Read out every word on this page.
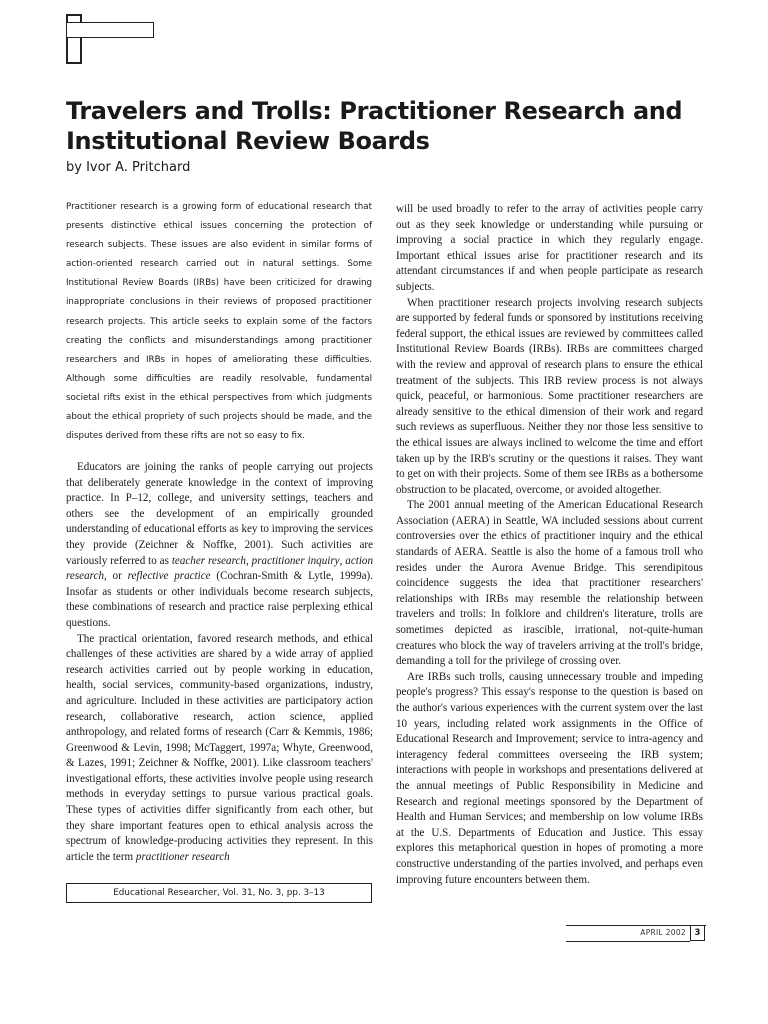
Travelers and Trolls: Practitioner Research and Institutional Review Boards

by Ivor A. Pritchard

Practitioner research is a growing form of educational research that presents distinctive ethical issues concerning the protection of research subjects. These issues are also evident in similar forms of action-oriented research carried out in natural settings. Some Institutional Review Boards (IRBs) have been criticized for drawing inappropriate conclusions in their reviews of proposed practitioner research projects. This article seeks to explain some of the factors creating the conflicts and misunderstandings among practitioner researchers and IRBs in hopes of ameliorating these difficulties. Although some difficulties are readily resolvable, fundamental societal rifts exist in the ethical perspectives from which judgments about the ethical propriety of such projects should be made, and the disputes derived from these rifts are not so easy to fix.

Educators are joining the ranks of people carrying out projects that deliberately generate knowledge in the context of improving practice. In P–12, college, and university settings, teachers and others see the development of an empirically grounded understanding of educational efforts as key to improving the services they provide (Zeichner & Noffke, 2001). Such activities are variously referred to as teacher research, practitioner inquiry, action research, or reflective practice (Cochran-Smith & Lytle, 1999a). Insofar as students or other individuals become research subjects, these combinations of research and practice raise perplexing ethical questions.

The practical orientation, favored research methods, and ethical challenges of these activities are shared by a wide array of applied research activities carried out by people working in education, health, social services, community-based organizations, industry, and agriculture. Included in these activities are participatory action research, collaborative research, action science, applied anthropology, and related forms of research (Carr & Kemmis, 1986; Greenwood & Levin, 1998; McTaggert, 1997a; Whyte, Greenwood, & Lazes, 1991; Zeichner & Noffke, 2001). Like classroom teachers' investigational efforts, these activities involve people using research methods in everyday settings to pursue various practical goals. These types of activities differ significantly from each other, but they share important features open to ethical analysis across the spectrum of knowledge-producing activities they represent. In this article the term practitioner research

will be used broadly to refer to the array of activities people carry out as they seek knowledge or understanding while pursuing or improving a social practice in which they regularly engage. Important ethical issues arise for practitioner research and its attendant circumstances if and when people participate as research subjects.

When practitioner research projects involving research subjects are supported by federal funds or sponsored by institutions receiving federal support, the ethical issues are reviewed by committees called Institutional Review Boards (IRBs). IRBs are committees charged with the review and approval of research plans to ensure the ethical treatment of the subjects. This IRB review process is not always quick, peaceful, or harmonious. Some practitioner researchers are already sensitive to the ethical dimension of their work and regard such reviews as superfluous. Neither they nor those less sensitive to the ethical issues are always inclined to welcome the time and effort taken up by the IRB's scrutiny or the questions it raises. They want to get on with their projects. Some of them see IRBs as a bothersome obstruction to be placated, overcome, or avoided altogether.

The 2001 annual meeting of the American Educational Research Association (AERA) in Seattle, WA included sessions about current controversies over the ethics of practitioner inquiry and the ethical standards of AERA. Seattle is also the home of a famous troll who resides under the Aurora Avenue Bridge. This serendipitous coincidence suggests the idea that practitioner researchers' relationships with IRBs may resemble the relationship between travelers and trolls: In folklore and children's literature, trolls are sometimes depicted as irascible, irrational, not-quite-human creatures who block the way of travelers arriving at the troll's bridge, demanding a toll for the privilege of crossing over.

Are IRBs such trolls, causing unnecessary trouble and impeding people's progress? This essay's response to the question is based on the author's various experiences with the current system over the last 10 years, including related work assignments in the Office of Educational Research and Improvement; service to intra-agency and interagency federal committees overseeing the IRB system; interactions with people in workshops and presentations delivered at the annual meetings of Public Responsibility in Medicine and Research and regional meetings sponsored by the Department of Health and Human Services; and membership on low volume IRBs at the U.S. Departments of Education and Justice. This essay explores this metaphorical question in hopes of promoting a more constructive understanding of the parties involved, and perhaps even improving future encounters between them.

Educational Researcher, Vol. 31, No. 3, pp. 3–13
APRIL 2002	3
